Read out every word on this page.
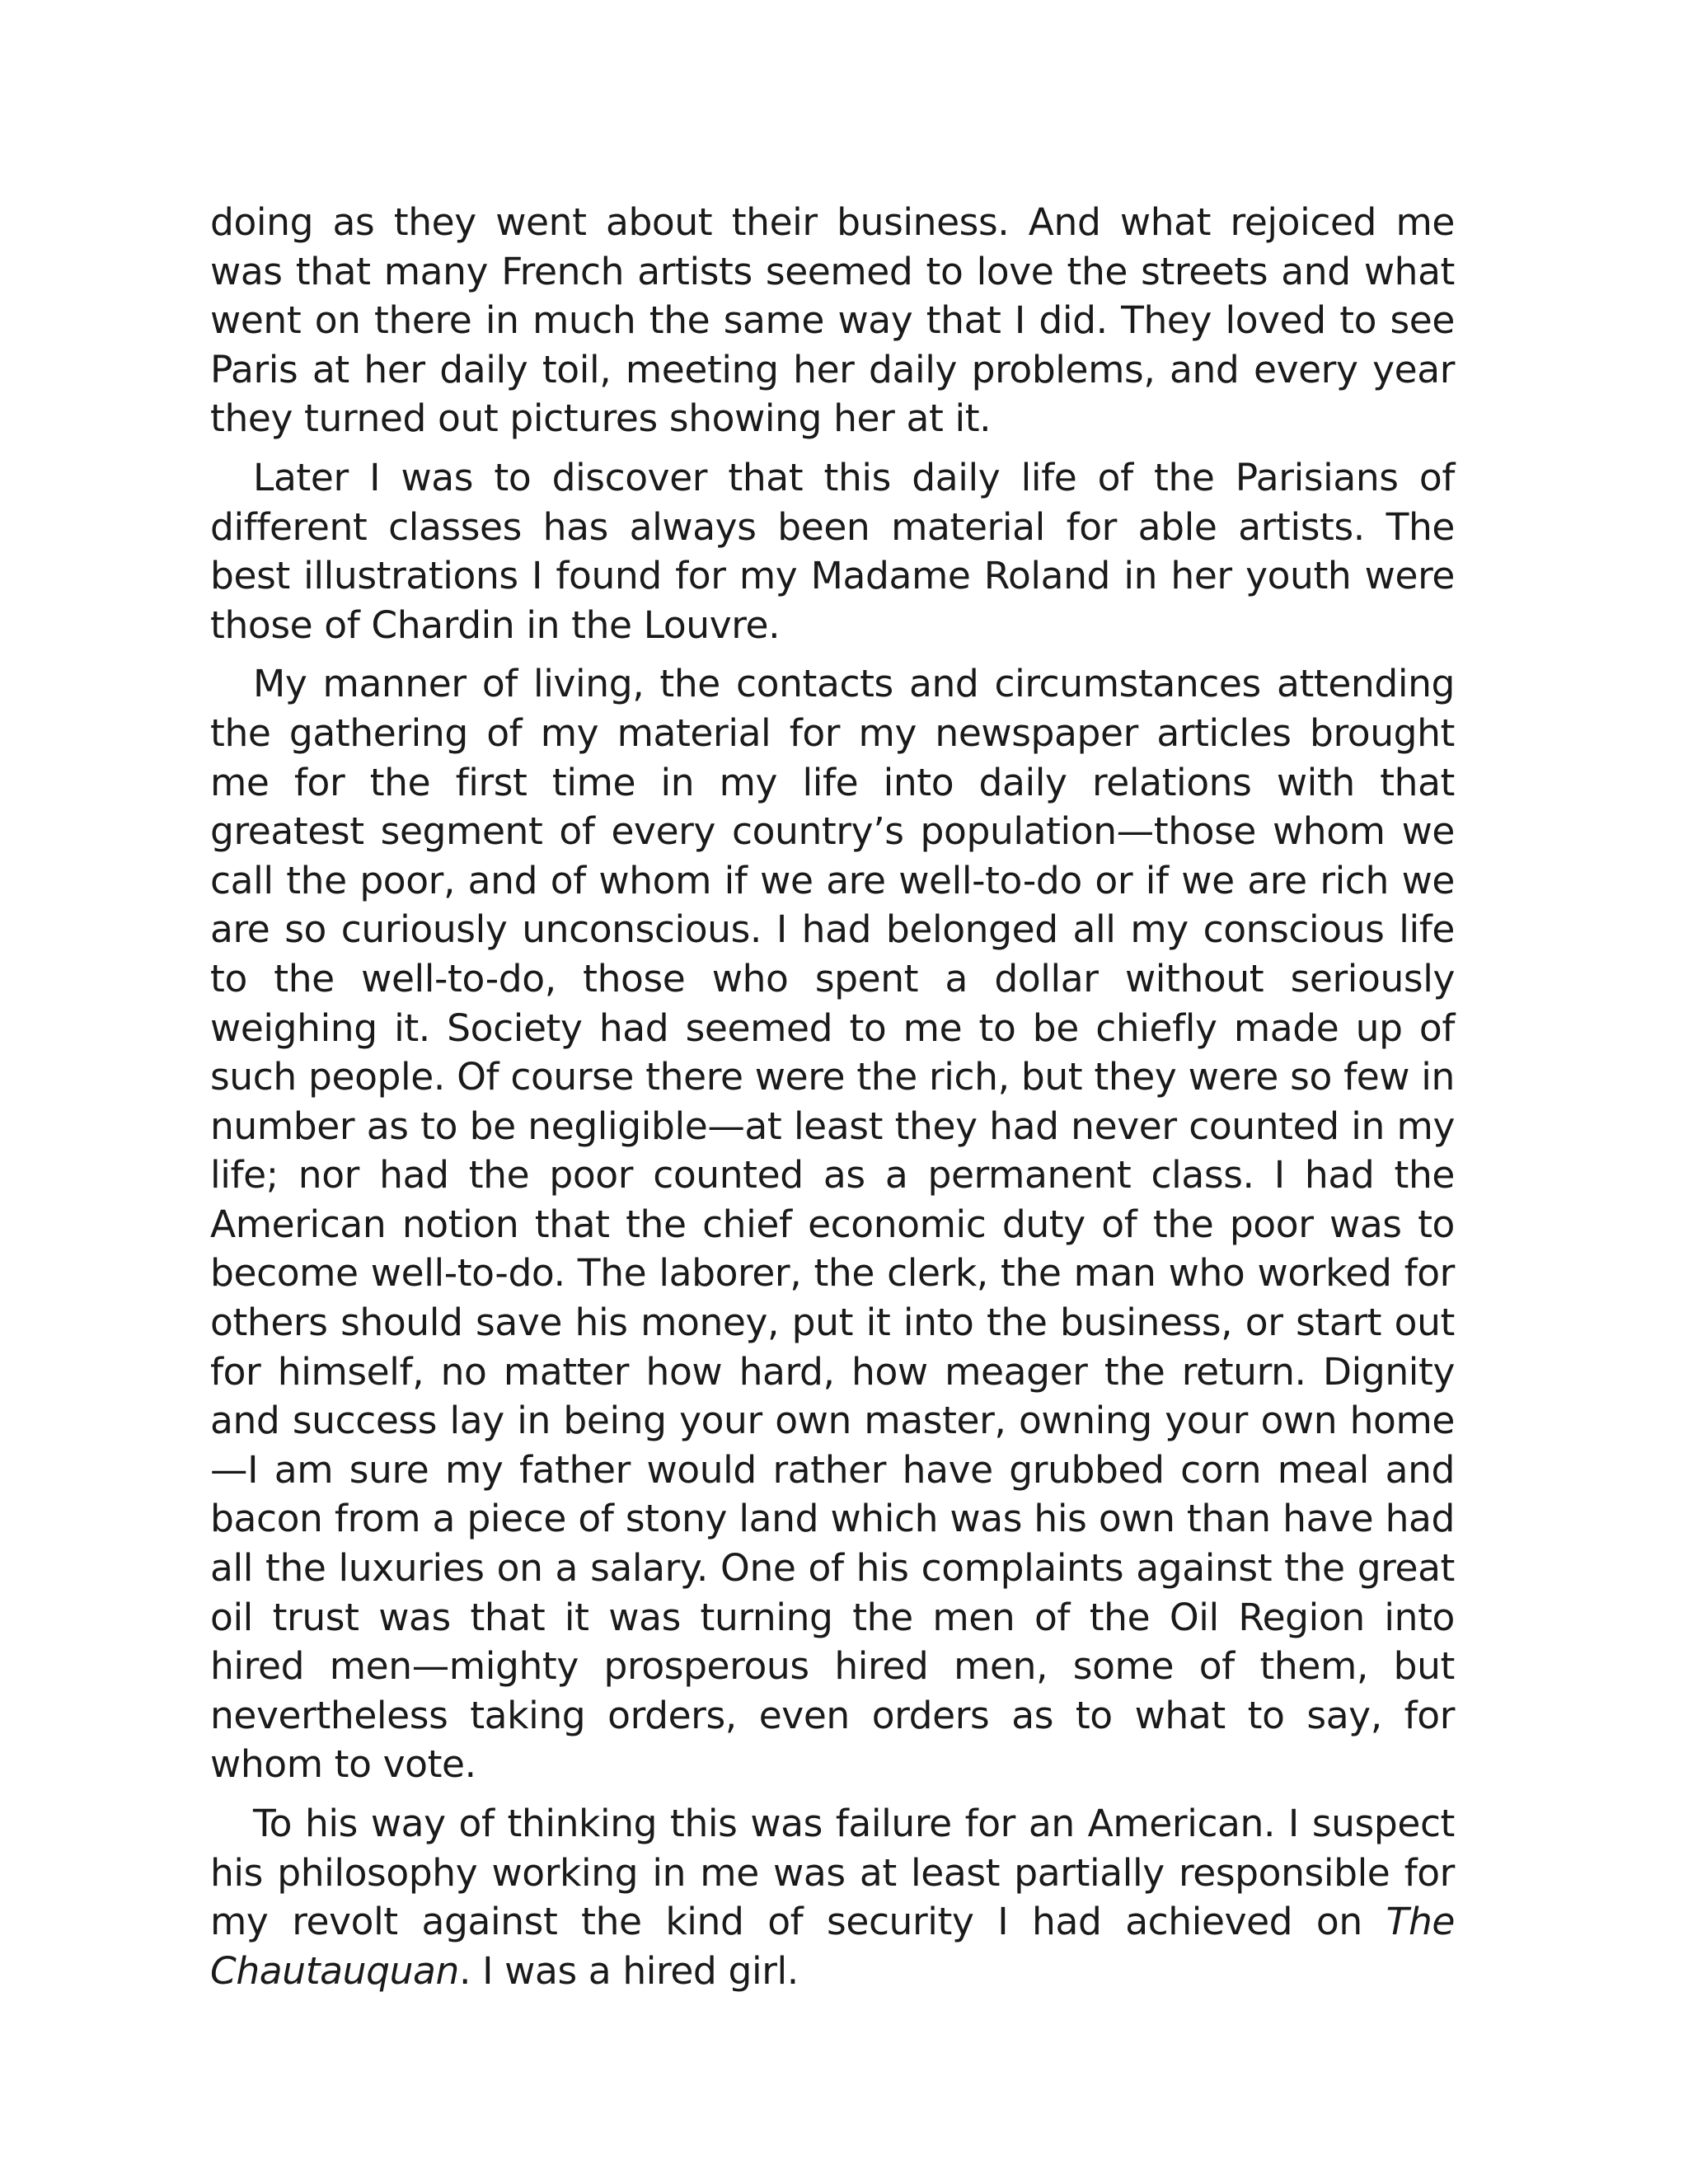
doing as they went about their business. And what rejoiced me was that many French artists seemed to love the streets and what went on there in much the same way that I did. They loved to see Paris at her daily toil, meeting her daily problems, and every year they turned out pictures showing her at it.

Later I was to discover that this daily life of the Parisians of different classes has always been material for able artists. The best illustrations I found for my Madame Roland in her youth were those of Chardin in the Louvre.

My manner of living, the contacts and circumstances attending the gathering of my material for my newspaper articles brought me for the first time in my life into daily relations with that greatest segment of every country’s population—those whom we call the poor, and of whom if we are well-to-do or if we are rich we are so curiously unconscious. I had belonged all my conscious life to the well-to-do, those who spent a dollar without seriously weighing it. Society had seemed to me to be chiefly made up of such people. Of course there were the rich, but they were so few in number as to be negligible—at least they had never counted in my life; nor had the poor counted as a permanent class. I had the American notion that the chief economic duty of the poor was to become well-to-do. The laborer, the clerk, the man who worked for others should save his money, put it into the business, or start out for himself, no matter how hard, how meager the return. Dignity and success lay in being your own master, owning your own home—I am sure my father would rather have grubbed corn meal and bacon from a piece of stony land which was his own than have had all the luxuries on a salary. One of his complaints against the great oil trust was that it was turning the men of the Oil Region into hired men—mighty prosperous hired men, some of them, but nevertheless taking orders, even orders as to what to say, for whom to vote.

To his way of thinking this was failure for an American. I suspect his philosophy working in me was at least partially responsible for my revolt against the kind of security I had achieved on The Chautauquan. I was a hired girl.
